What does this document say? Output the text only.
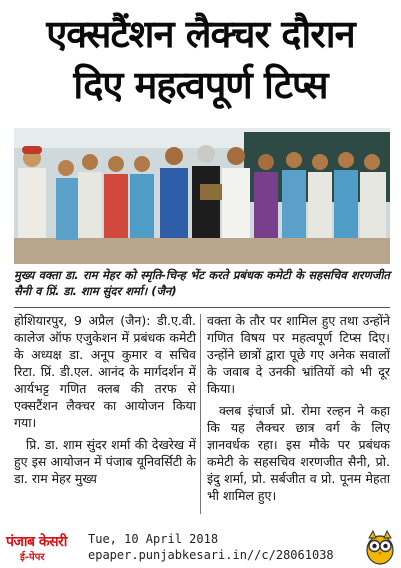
एक्सटैंशन लैक्चर दौरान
दिए महत्वपूर्ण टिप्स
मुख्य वक्ता डा. राम मेहर को स्मृति-चिन्ह भेंट करते प्रबंधक कमेटी के सहसचिव शरणजीत सैनी व प्रिं. डा. शाम सुंदर शर्मा। (जैन)

होशियारपुर, 9 अप्रैल (जैन): डी.ए.वी. कालेज ऑफ एजुकेशन में प्रबंधक कमेटी के अध्यक्ष डा. अनूप कुमार व सचिव रिटा. प्रिं. डी.एल. आनंद के मार्गदर्शन में आर्यभट्ट गणित क्लब की तरफ से एक्सटैंशन लैक्चर का आयोजन किया गया।

प्रि. डा. शाम सुंदर शर्मा की देखरेख में हुए इस आयोजन में पंजाब यूनिवर्सिटी के डा. राम मेहर मुख्य

वक्ता के तौर पर शामिल हुए तथा उन्होंने गणित विषय पर महत्वपूर्ण टिप्स दिए। उन्होंने छात्रों द्वारा पूछे गए अनेक सवालों के जवाब दे उनकी भ्रांतियों को भी दूर किया।

क्लब इंचार्ज प्रो. रोमा रल्हन ने कहा कि यह लैक्चर छात्र वर्ग के लिए ज्ञानवर्धक रहा। इस मौके पर प्रबंधक कमेटी के सहसचिव शरणजीत सैनी, प्रो. इंदु शर्मा, प्रो. सर्बजीत व प्रो. पूनम मेहता भी शामिल हुए।

पंजाब केसरी
ई-पेपर
Tue, 10 April 2018
epaper.punjabkesari.in//c/28061038
